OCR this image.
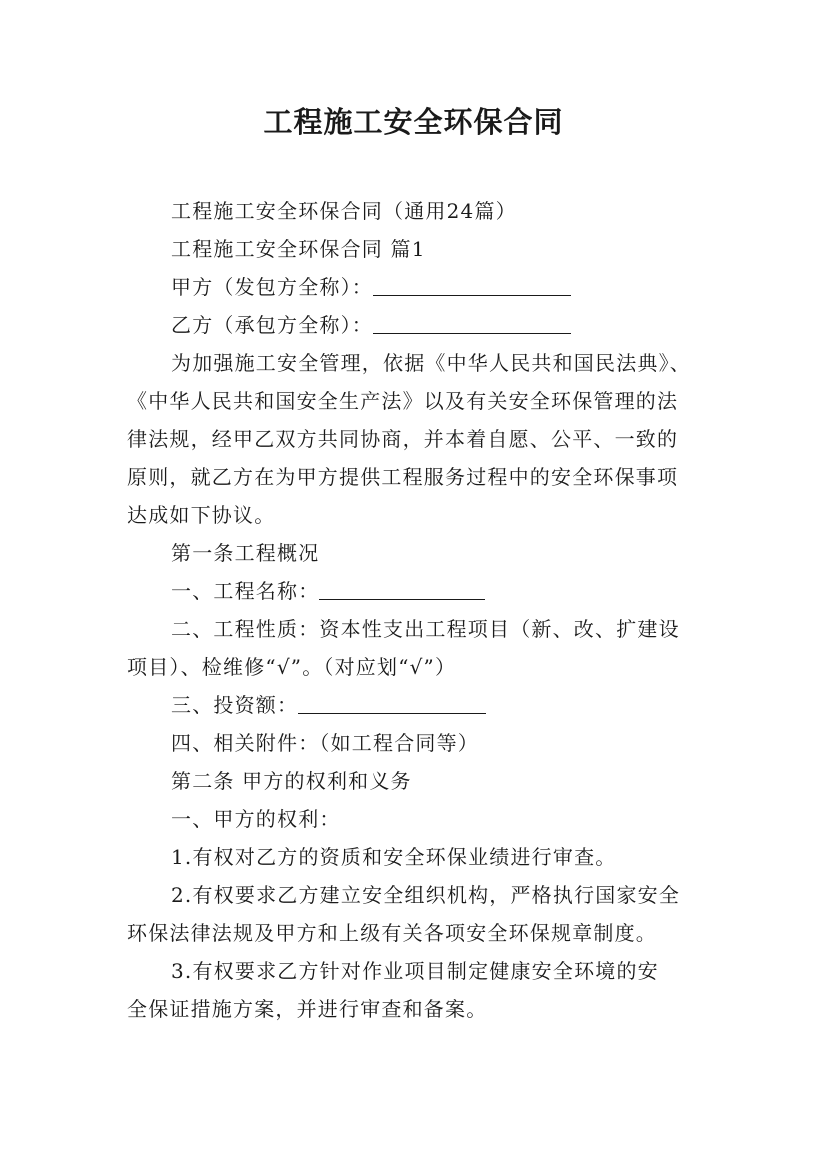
工程施工安全环保合同
工程施工安全环保合同（通用24篇）
工程施工安全环保合同 篇1
甲方（发包方全称）：
乙方（承包方全称）：
为加强施工安全管理，依据《中华人民共和国民法典》、
《中华人民共和国安全生产法》以及有关安全环保管理的法
律法规，经甲乙双方共同协商，并本着自愿、公平、一致的
原则，就乙方在为甲方提供工程服务过程中的安全环保事项
达成如下协议。
第一条工程概况
一、工程名称：
二、工程性质：资本性支出工程项目（新、改、扩建设
项目）、检维修“√”。（对应划“√”）
三、投资额：
四、相关附件：（如工程合同等）
第二条 甲方的权利和义务
一、甲方的权利：
1.有权对乙方的资质和安全环保业绩进行审查。
2.有权要求乙方建立安全组织机构，严格执行国家安全
环保法律法规及甲方和上级有关各项安全环保规章制度。
3.有权要求乙方针对作业项目制定健康安全环境的安
全保证措施方案，并进行审查和备案。
